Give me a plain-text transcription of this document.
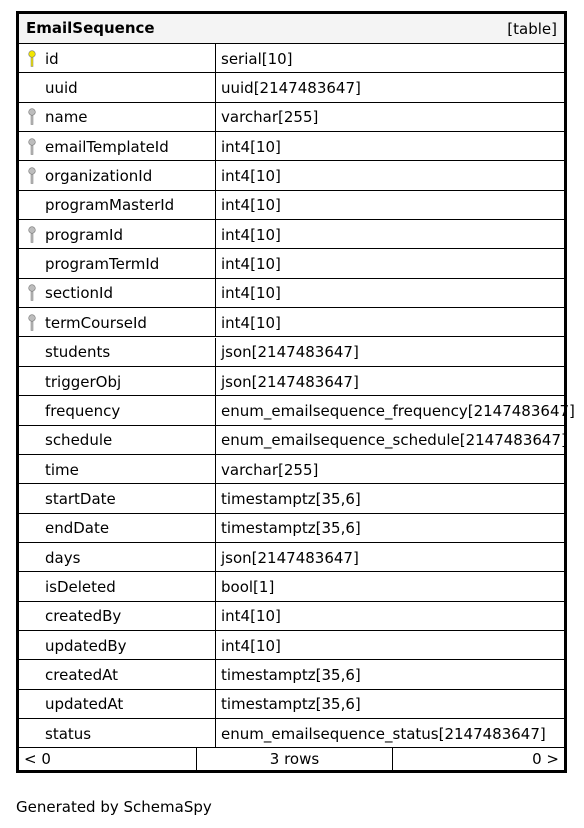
EmailSequence	[table]
id	serial[10]
uuid	uuid[2147483647]
name	varchar[255]
emailTemplateId	int4[10]
organizationId	int4[10]
programMasterId	int4[10]
programId	int4[10]
programTermId	int4[10]
sectionId	int4[10]
termCourseId	int4[10]
students	json[2147483647]
triggerObj	json[2147483647]
frequency	enum_emailsequence_frequency[2147483647]
schedule	enum_emailsequence_schedule[2147483647]
time	varchar[255]
startDate	timestamptz[35,6]
endDate	timestamptz[35,6]
days	json[2147483647]
isDeleted	bool[1]
createdBy	int4[10]
updatedBy	int4[10]
createdAt	timestamptz[35,6]
updatedAt	timestamptz[35,6]
status	enum_emailsequence_status[2147483647]
< 0	3 rows	0 >
Generated by SchemaSpy
